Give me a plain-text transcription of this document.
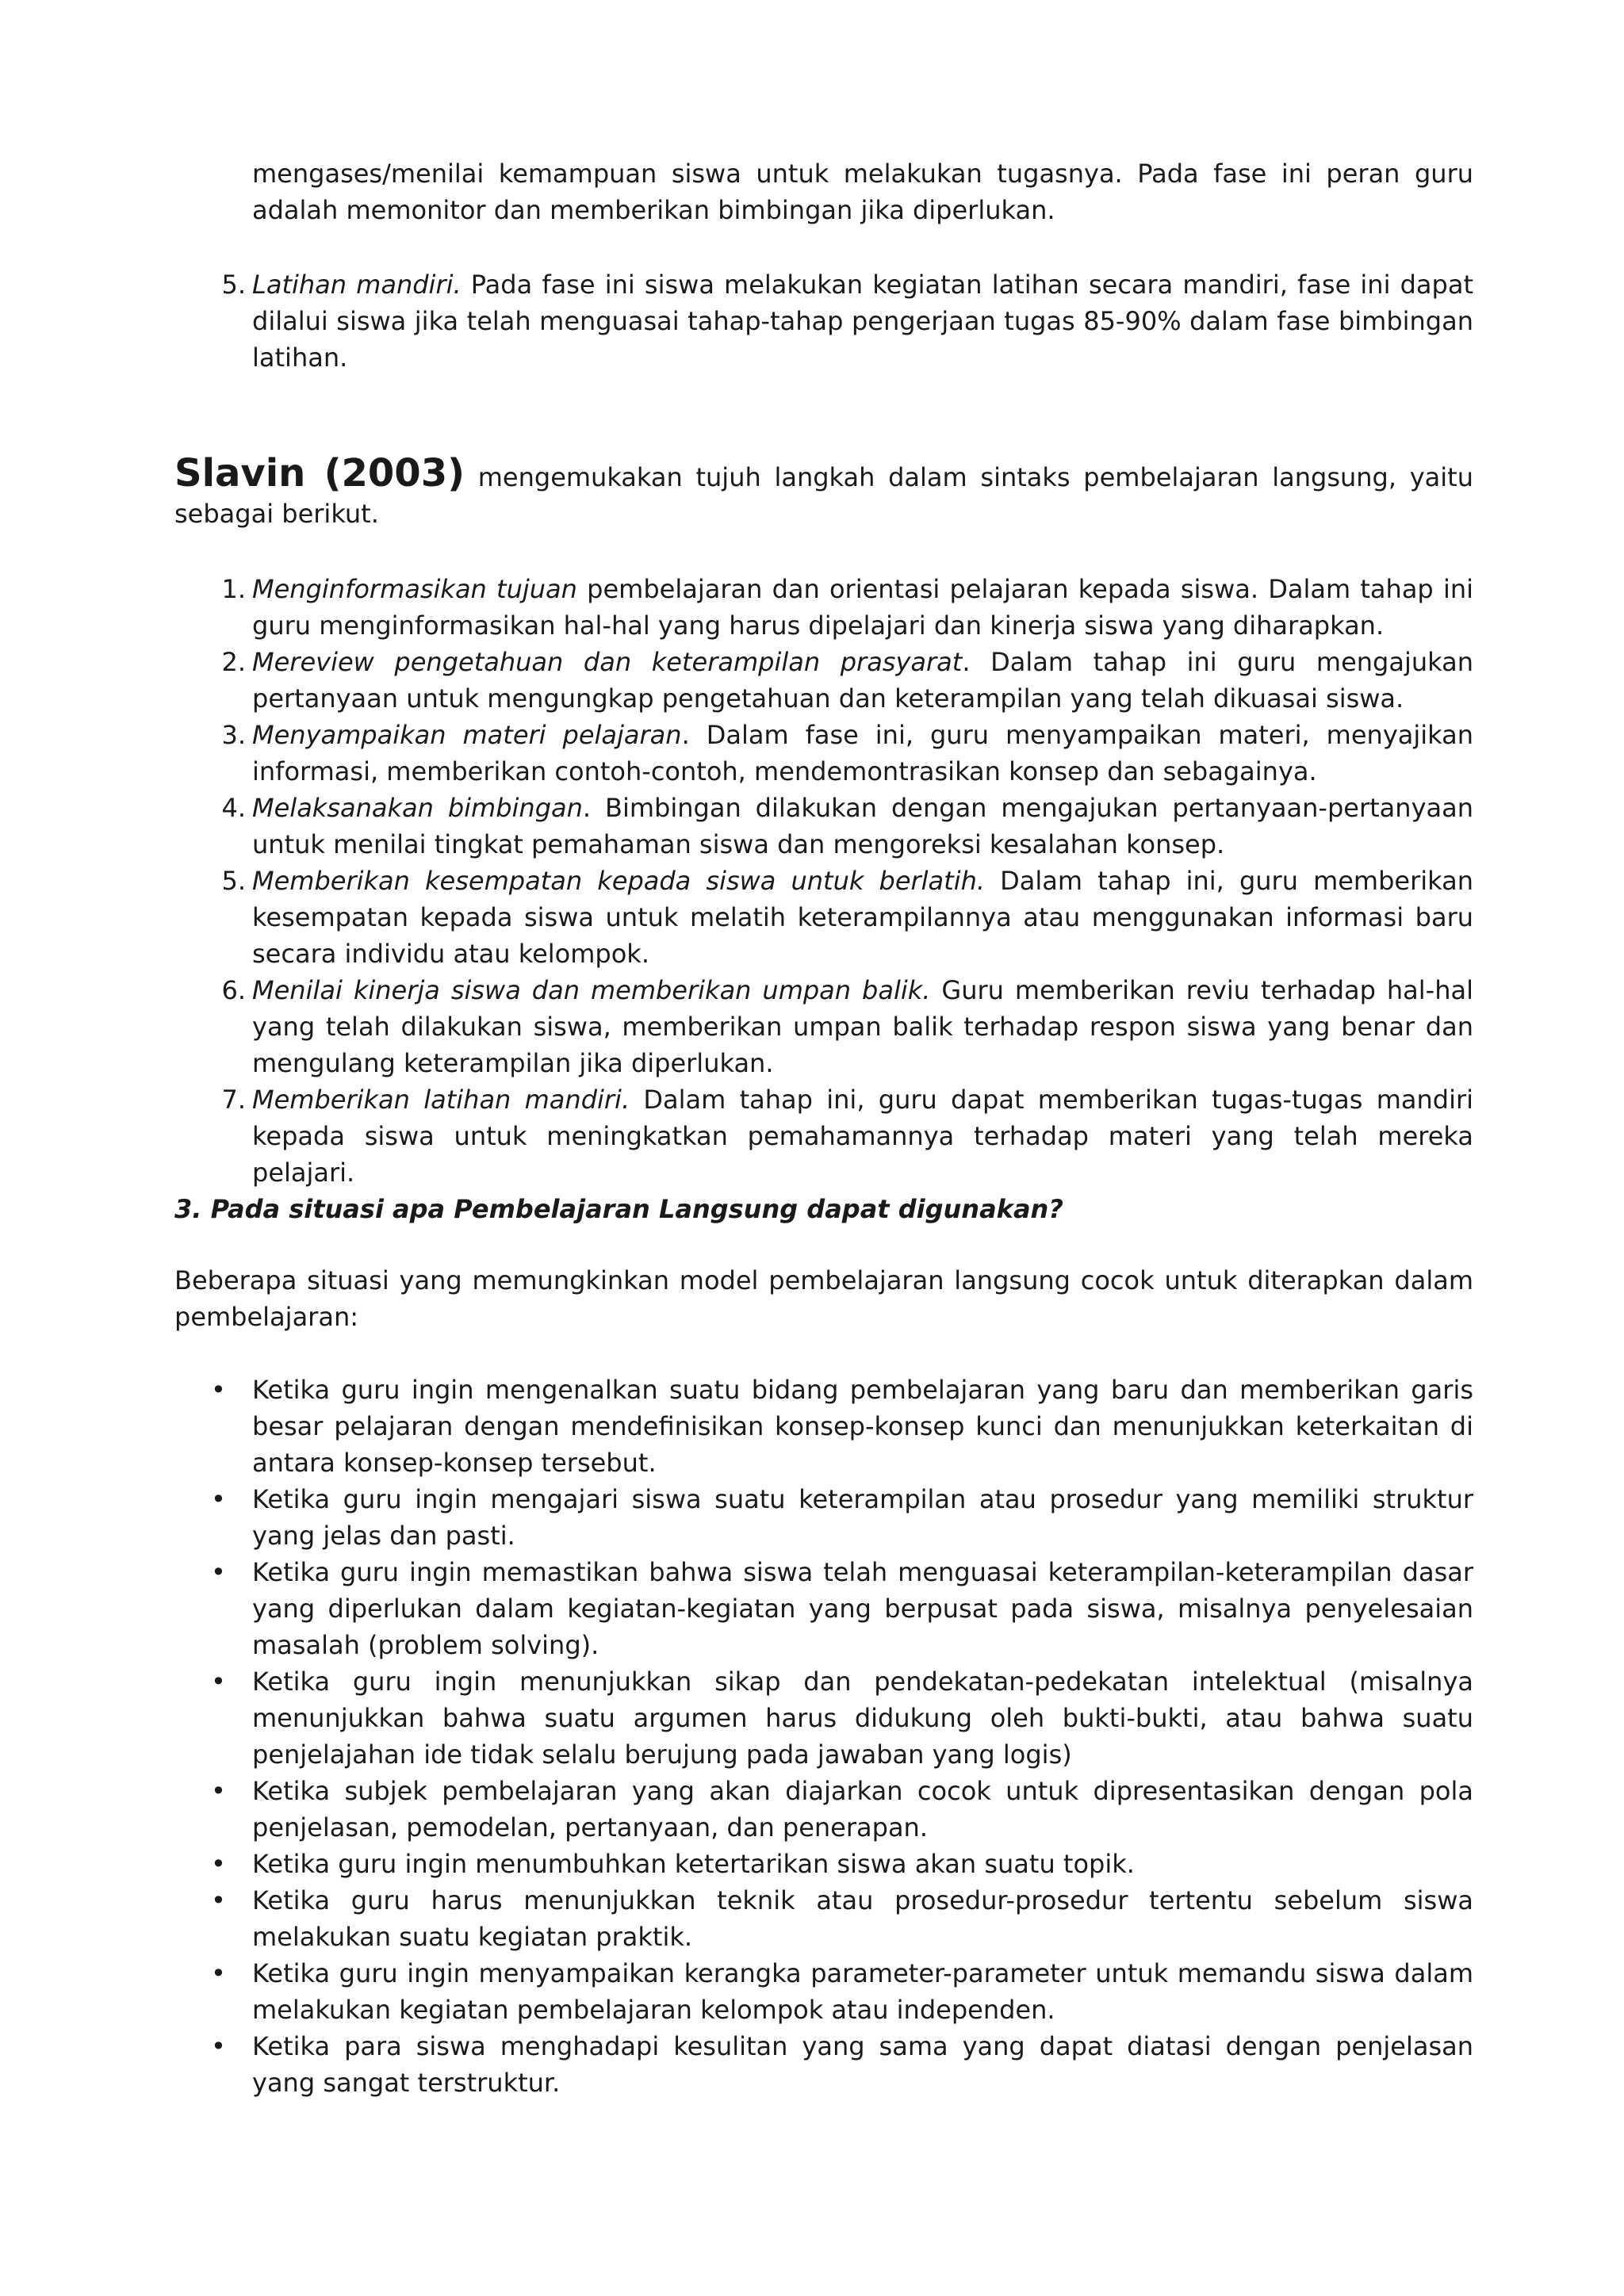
mengases/menilai kemampuan siswa untuk melakukan tugasnya. Pada fase ini peran guru adalah memonitor dan memberikan bimbingan jika diperlukan.
5. Latihan mandiri. Pada fase ini siswa melakukan kegiatan latihan secara mandiri, fase ini dapat dilalui siswa jika telah menguasai tahap-tahap pengerjaan tugas 85-90% dalam fase bimbingan latihan.
Slavin (2003) mengemukakan tujuh langkah dalam sintaks pembelajaran langsung, yaitu sebagai berikut.
1. Menginformasikan tujuan pembelajaran dan orientasi pelajaran kepada siswa. Dalam tahap ini guru menginformasikan hal-hal yang harus dipelajari dan kinerja siswa yang diharapkan.
2. Mereview pengetahuan dan keterampilan prasyarat. Dalam tahap ini guru mengajukan pertanyaan untuk mengungkap pengetahuan dan keterampilan yang telah dikuasai siswa.
3. Menyampaikan materi pelajaran. Dalam fase ini, guru menyampaikan materi, menyajikan informasi, memberikan contoh-contoh, mendemontrasikan konsep dan sebagainya.
4. Melaksanakan bimbingan. Bimbingan dilakukan dengan mengajukan pertanyaan-pertanyaan untuk menilai tingkat pemahaman siswa dan mengoreksi kesalahan konsep.
5. Memberikan kesempatan kepada siswa untuk berlatih. Dalam tahap ini, guru memberikan kesempatan kepada siswa untuk melatih keterampilannya atau menggunakan informasi baru secara individu atau kelompok.
6. Menilai kinerja siswa dan memberikan umpan balik. Guru memberikan reviu terhadap hal-hal yang telah dilakukan siswa, memberikan umpan balik terhadap respon siswa yang benar dan mengulang keterampilan jika diperlukan.
7. Memberikan latihan mandiri. Dalam tahap ini, guru dapat memberikan tugas-tugas mandiri kepada siswa untuk meningkatkan pemahamannya terhadap materi yang telah mereka pelajari.
3. Pada situasi apa Pembelajaran Langsung dapat digunakan?
Beberapa situasi yang memungkinkan model pembelajaran langsung cocok untuk diterapkan dalam pembelajaran:
• Ketika guru ingin mengenalkan suatu bidang pembelajaran yang baru dan memberikan garis besar pelajaran dengan mendefinisikan konsep-konsep kunci dan menunjukkan keterkaitan di antara konsep-konsep tersebut.
• Ketika guru ingin mengajari siswa suatu keterampilan atau prosedur yang memiliki struktur yang jelas dan pasti.
• Ketika guru ingin memastikan bahwa siswa telah menguasai keterampilan-keterampilan dasar yang diperlukan dalam kegiatan-kegiatan yang berpusat pada siswa, misalnya penyelesaian masalah (problem solving).
• Ketika guru ingin menunjukkan sikap dan pendekatan-pedekatan intelektual (misalnya menunjukkan bahwa suatu argumen harus didukung oleh bukti-bukti, atau bahwa suatu penjelajahan ide tidak selalu berujung pada jawaban yang logis)
• Ketika subjek pembelajaran yang akan diajarkan cocok untuk dipresentasikan dengan pola penjelasan, pemodelan, pertanyaan, dan penerapan.
• Ketika guru ingin menumbuhkan ketertarikan siswa akan suatu topik.
• Ketika guru harus menunjukkan teknik atau prosedur-prosedur tertentu sebelum siswa melakukan suatu kegiatan praktik.
• Ketika guru ingin menyampaikan kerangka parameter-parameter untuk memandu siswa dalam melakukan kegiatan pembelajaran kelompok atau independen.
• Ketika para siswa menghadapi kesulitan yang sama yang dapat diatasi dengan penjelasan yang sangat terstruktur.
